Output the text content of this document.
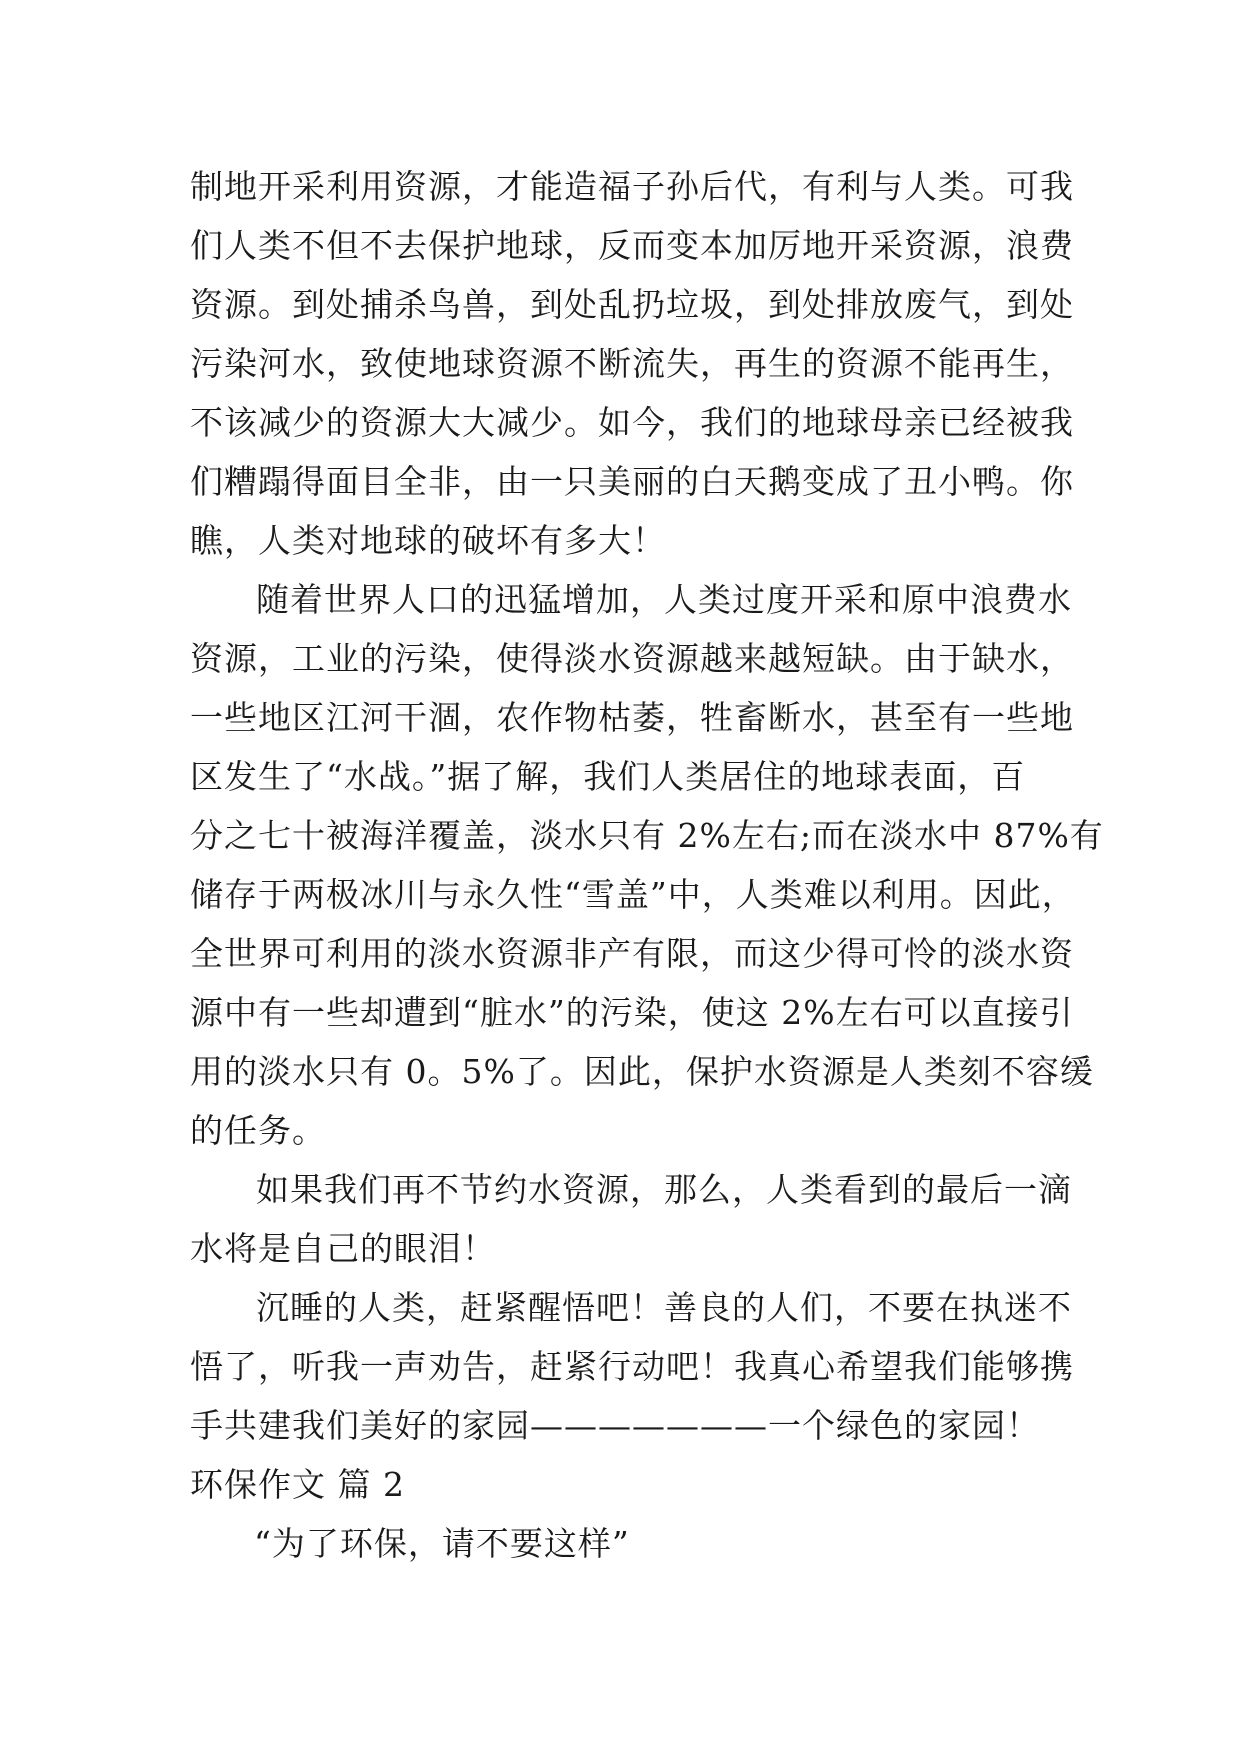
制地开采利用资源，才能造福子孙后代，有利与人类。可我
们人类不但不去保护地球，反而变本加厉地开采资源，浪费
资源。到处捕杀鸟兽，到处乱扔垃圾，到处排放废气，到处
污染河水，致使地球资源不断流失，再生的资源不能再生，
不该减少的资源大大减少。如今，我们的地球母亲已经被我
们糟蹋得面目全非，由一只美丽的白天鹅变成了丑小鸭。你
瞧，人类对地球的破坏有多大！
随着世界人口的迅猛增加，人类过度开采和原中浪费水
资源，工业的污染，使得淡水资源越来越短缺。由于缺水，
一些地区江河干涸，农作物枯萎，牲畜断水，甚至有一些地
区发生了“水战。”据了解，我们人类居住的地球表面，百
分之七十被海洋覆盖，淡水只有 2%左右;而在淡水中 87%有
储存于两极冰川与永久性“雪盖”中，人类难以利用。因此，
全世界可利用的淡水资源非产有限，而这少得可怜的淡水资
源中有一些却遭到“脏水”的污染，使这 2%左右可以直接引
用的淡水只有 0。5%了。因此，保护水资源是人类刻不容缓
的任务。
如果我们再不节约水资源，那么，人类看到的最后一滴
水将是自己的眼泪！
沉睡的人类，赶紧醒悟吧！善良的人们，不要在执迷不
悟了，听我一声劝告，赶紧行动吧！我真心希望我们能够携
手共建我们美好的家园———————一个绿色的家园！
环保作文 篇 2
“为了环保，请不要这样”
